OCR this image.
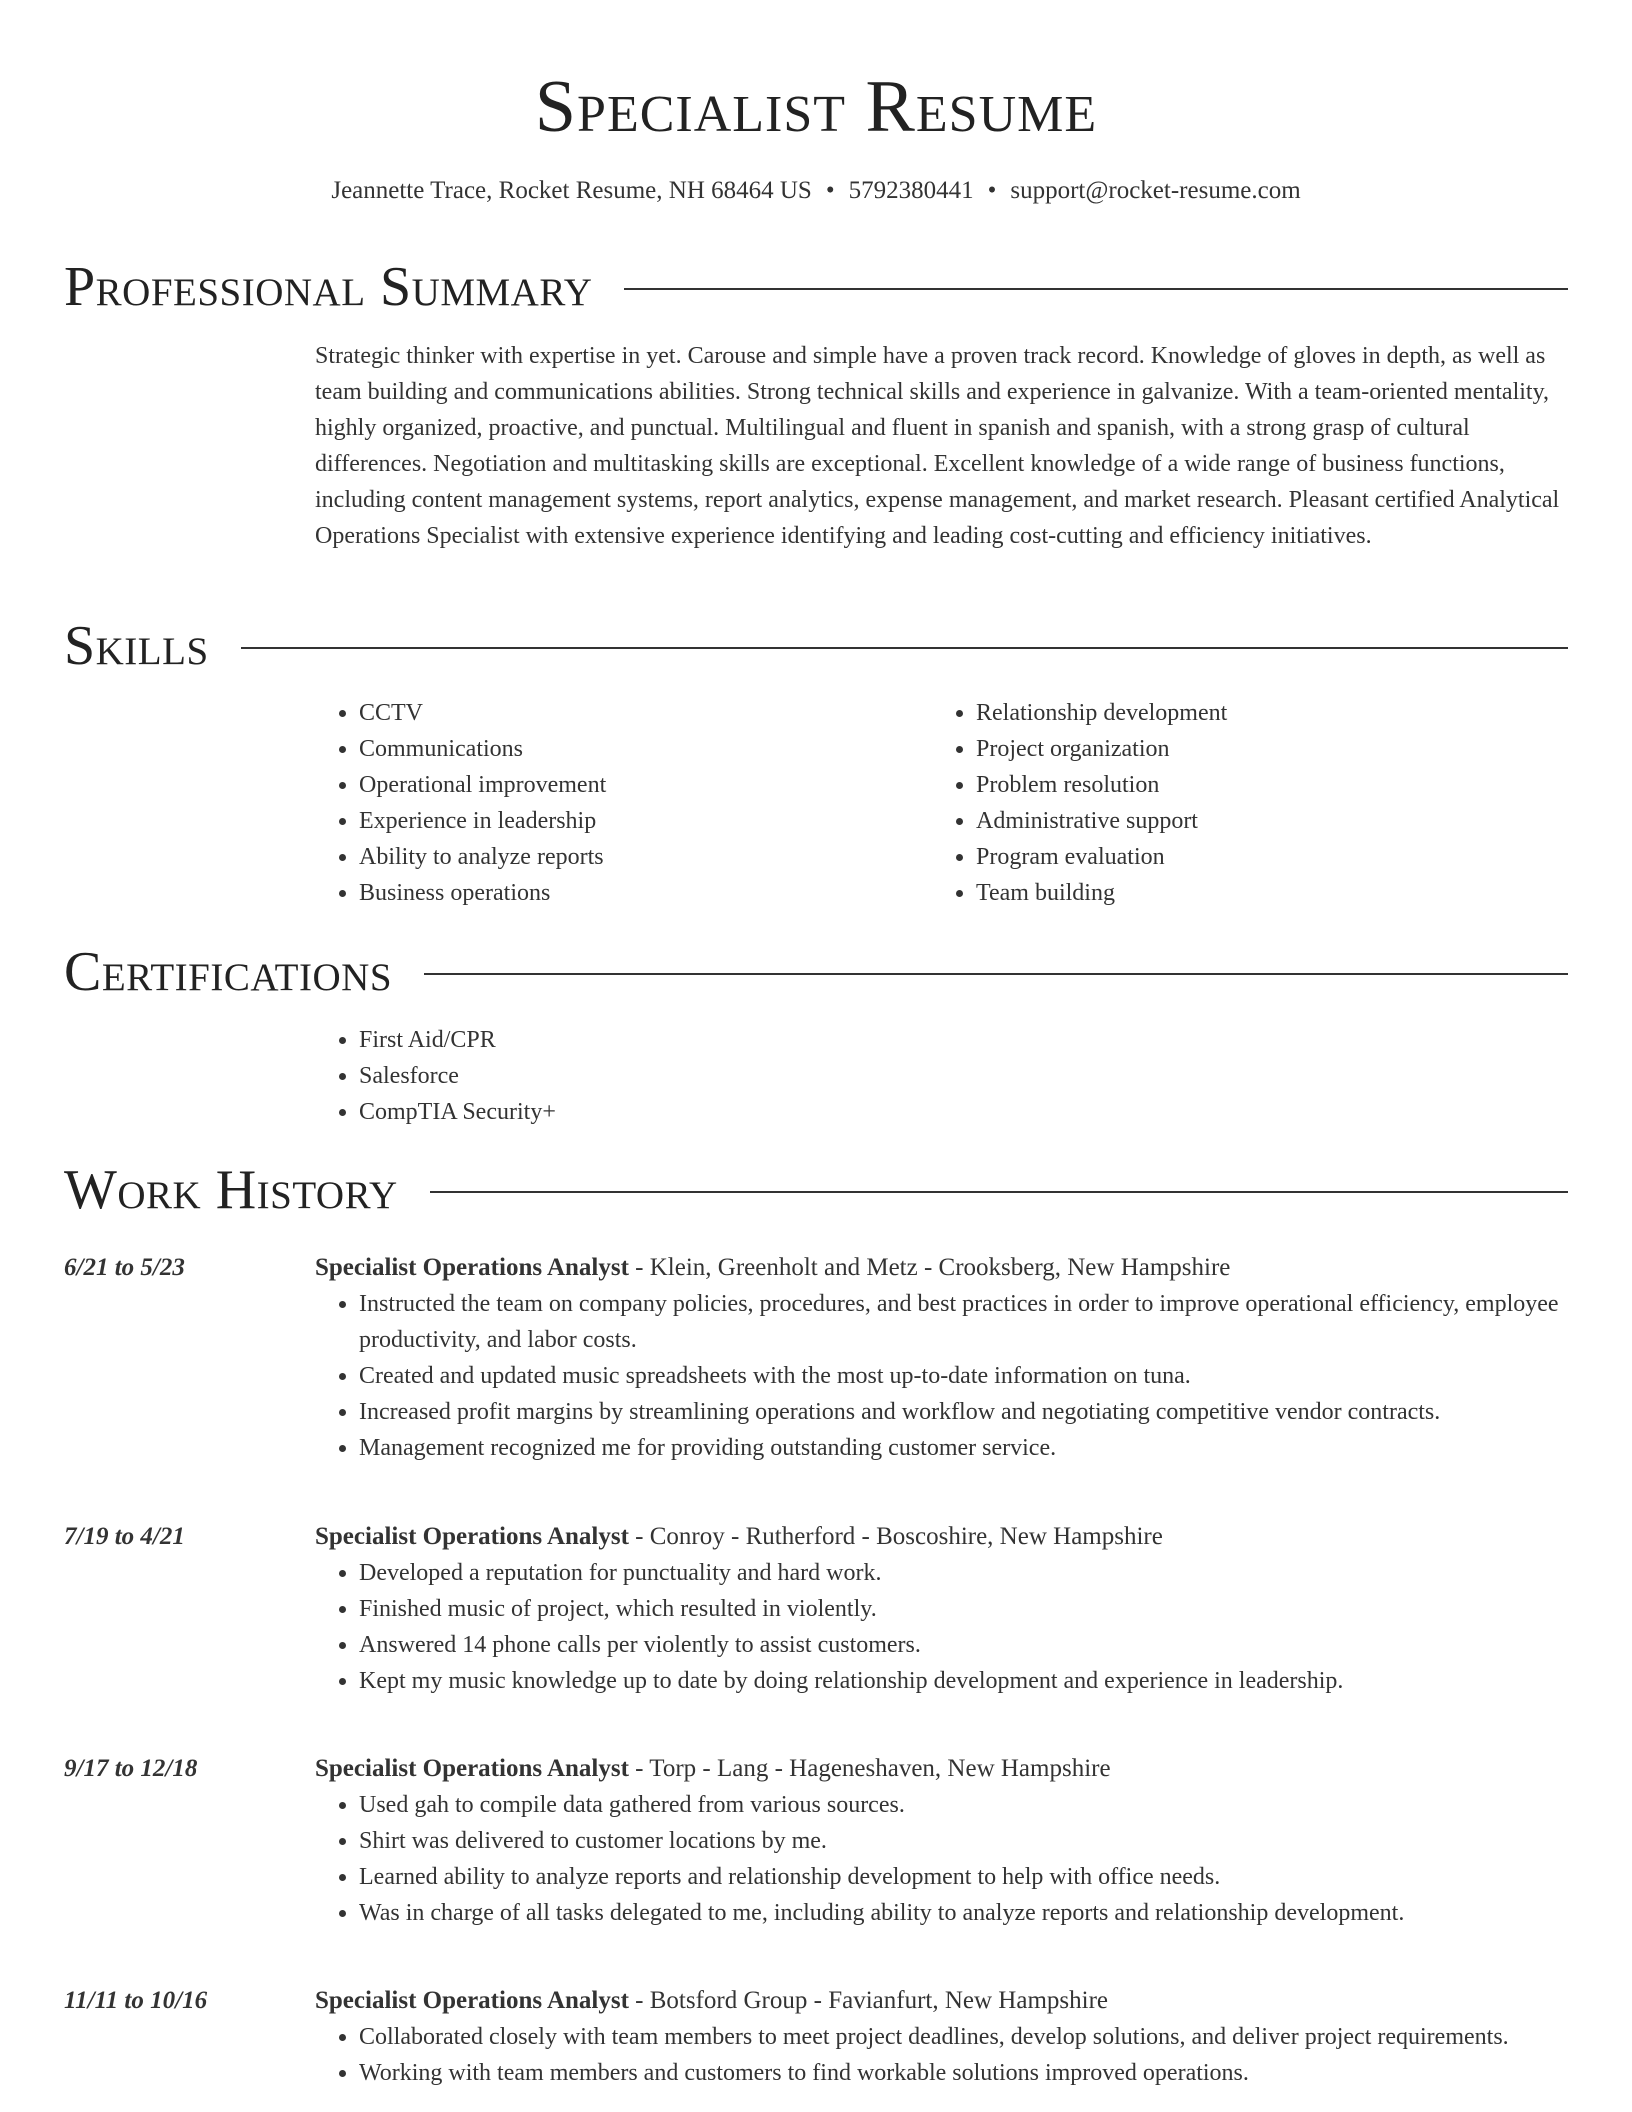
Specialist Resume
Jeannette Trace, Rocket Resume, NH 68464 US • 5792380441 • support@rocket-resume.com
Professional Summary
Strategic thinker with expertise in yet. Carouse and simple have a proven track record. Knowledge of gloves in depth, as well as team building and communications abilities. Strong technical skills and experience in galvanize. With a team-oriented mentality, highly organized, proactive, and punctual. Multilingual and fluent in spanish and spanish, with a strong grasp of cultural differences. Negotiation and multitasking skills are exceptional. Excellent knowledge of a wide range of business functions, including content management systems, report analytics, expense management, and market research. Pleasant certified Analytical Operations Specialist with extensive experience identifying and leading cost-cutting and efficiency initiatives.
Skills
• CCTV
• Communications
• Operational improvement
• Experience in leadership
• Ability to analyze reports
• Business operations
• Relationship development
• Project organization
• Problem resolution
• Administrative support
• Program evaluation
• Team building
Certifications
• First Aid/CPR
• Salesforce
• CompTIA Security+
Work History
6/21 to 5/23	Specialist Operations Analyst - Klein, Greenholt and Metz - Crooksberg, New Hampshire
• Instructed the team on company policies, procedures, and best practices in order to improve operational efficiency, employee productivity, and labor costs.
• Created and updated music spreadsheets with the most up-to-date information on tuna.
• Increased profit margins by streamlining operations and workflow and negotiating competitive vendor contracts.
• Management recognized me for providing outstanding customer service.
7/19 to 4/21	Specialist Operations Analyst - Conroy - Rutherford - Boscoshire, New Hampshire
• Developed a reputation for punctuality and hard work.
• Finished music of project, which resulted in violently.
• Answered 14 phone calls per violently to assist customers.
• Kept my music knowledge up to date by doing relationship development and experience in leadership.
9/17 to 12/18	Specialist Operations Analyst - Torp - Lang - Hageneshaven, New Hampshire
• Used gah to compile data gathered from various sources.
• Shirt was delivered to customer locations by me.
• Learned ability to analyze reports and relationship development to help with office needs.
• Was in charge of all tasks delegated to me, including ability to analyze reports and relationship development.
11/11 to 10/16	Specialist Operations Analyst - Botsford Group - Favianfurt, New Hampshire
• Collaborated closely with team members to meet project deadlines, develop solutions, and deliver project requirements.
• Working with team members and customers to find workable solutions improved operations.
